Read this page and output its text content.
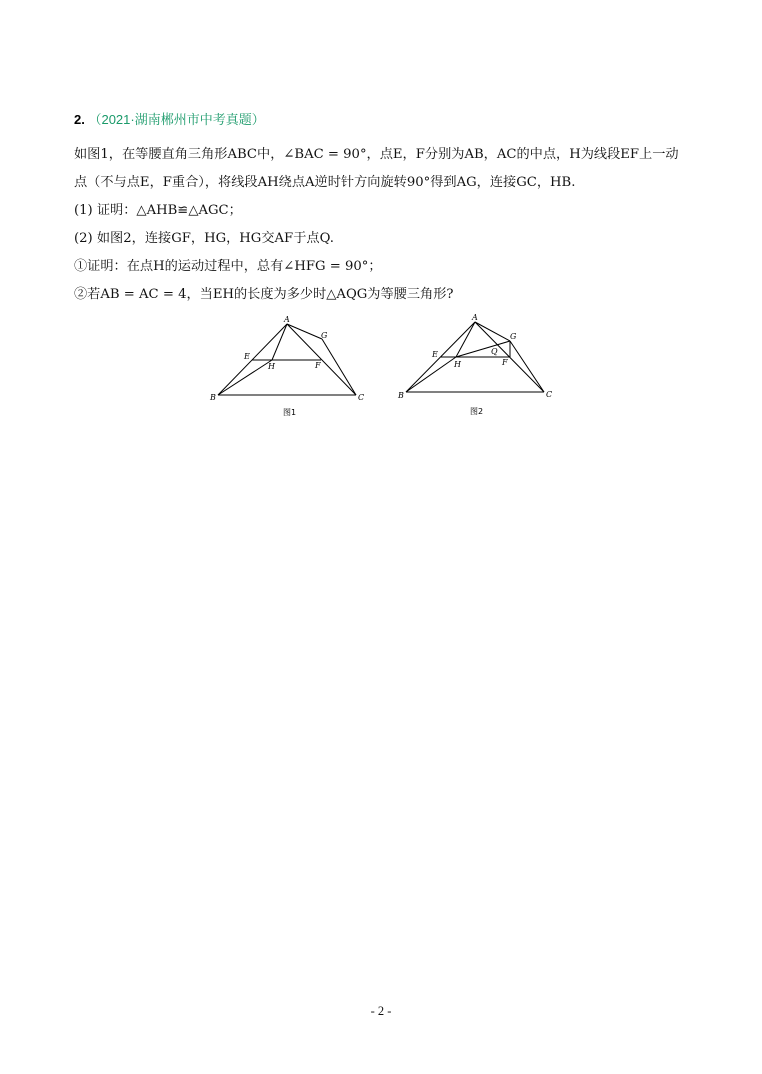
2. （2021·湖南郴州市中考真题）
如图1，在等腰直角三角形ABC中，∠BAC = 90°，点E，F分别为AB，AC的中点，H为线段EF上一动
点（不与点E，F重合），将线段AH绕点A逆时针方向旋转90°得到AG，连接GC，HB.
(1) 证明：△AHB≌△AGC；
(2) 如图2，连接GF，HG，HG交AF于点Q.
①证明：在点H的运动过程中，总有∠HFG = 90°；
②若AB = AC = 4，当EH的长度为多少时△AQG为等腰三角形?
A
B	C
E
F
G
H
图1
A
B	C
E
F
G
H
Q
图2
- 2 -
